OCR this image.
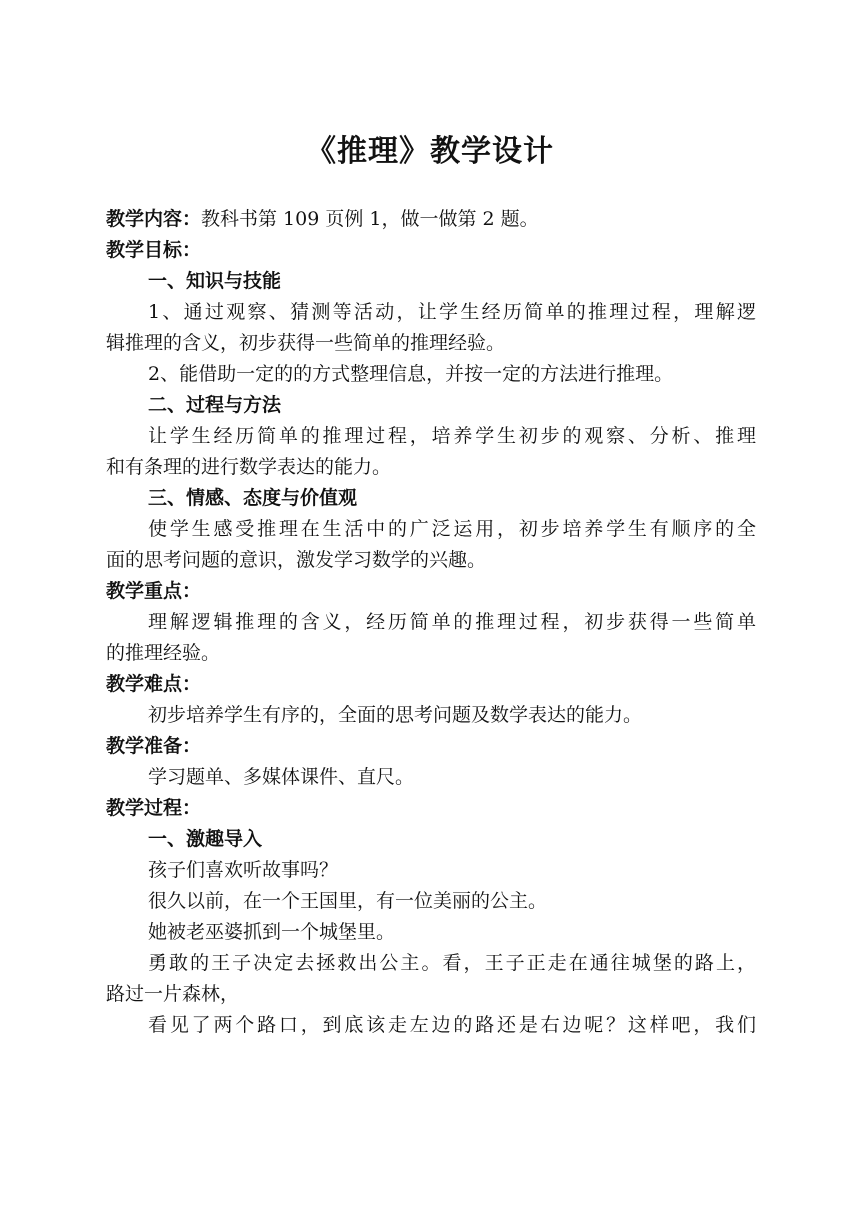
《推理》教学设计

教学内容：教科书第 109 页例 1，做一做第 2 题。

教学目标：

一、知识与技能

1、通过观察、猜测等活动，让学生经历简单的推理过程，理解逻

辑推理的含义，初步获得一些简单的推理经验。

2、能借助一定的的方式整理信息，并按一定的方法进行推理。

二、过程与方法

让学生经历简单的推理过程，培养学生初步的观察、分析、推理

和有条理的进行数学表达的能力。

三、情感、态度与价值观

使学生感受推理在生活中的广泛运用，初步培养学生有顺序的全

面的思考问题的意识，激发学习数学的兴趣。

教学重点：

理解逻辑推理的含义，经历简单的推理过程，初步获得一些简单

的推理经验。

教学难点：

初步培养学生有序的，全面的思考问题及数学表达的能力。

教学准备：

学习题单、多媒体课件、直尺。

教学过程：

一、激趣导入

孩子们喜欢听故事吗？

很久以前，在一个王国里，有一位美丽的公主。

她被老巫婆抓到一个城堡里。

勇敢的王子决定去拯救出公主。看，王子正走在通往城堡的路上，

路过一片森林，

看见了两个路口，到底该走左边的路还是右边呢？这样吧，我们
